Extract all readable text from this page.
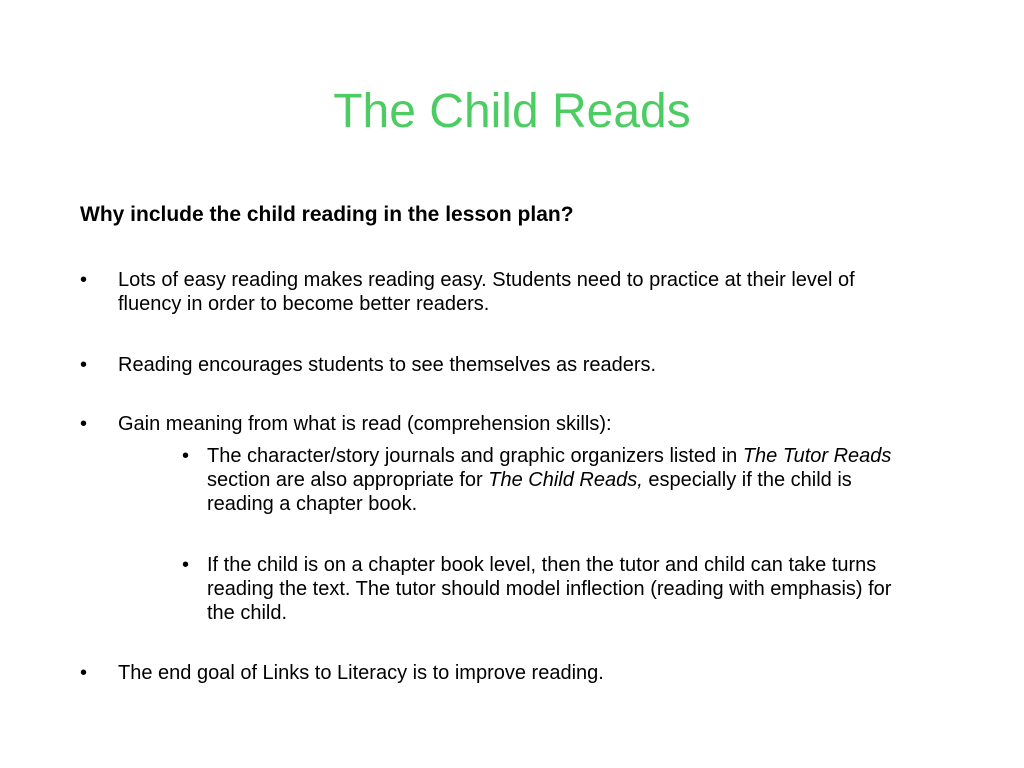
The Child Reads
Why include the child reading in the lesson plan?
• Lots of easy reading makes reading easy. Students need to practice at their level of fluency in order to become better readers.
• Reading encourages students to see themselves as readers.
• Gain meaning from what is read (comprehension skills):
• The character/story journals and graphic organizers listed in The Tutor Reads section are also appropriate for The Child Reads, especially if the child is reading a chapter book.
• If the child is on a chapter book level, then the tutor and child can take turns reading the text. The tutor should model inflection (reading with emphasis) for the child.
• The end goal of Links to Literacy is to improve reading.
